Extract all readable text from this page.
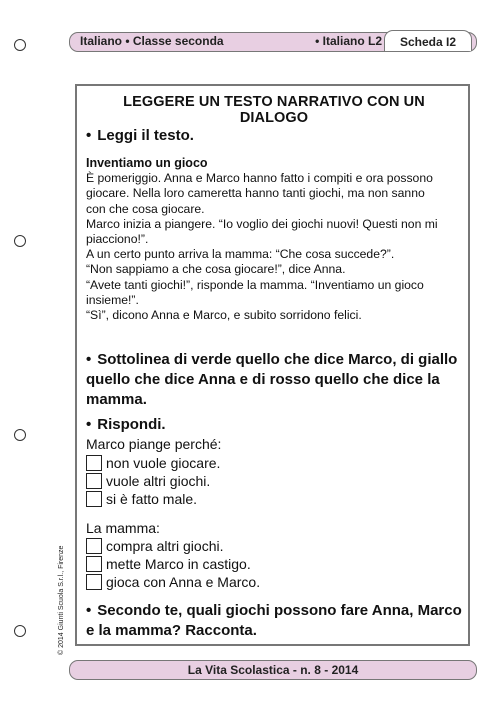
Italiano • Classe seconda	• Italiano L2	Scheda I2
LEGGERE UN TESTO NARRATIVO CON UN DIALOGO
• Leggi il testo.
Inventiamo un gioco
È pomeriggio. Anna e Marco hanno fatto i compiti e ora possono
giocare. Nella loro cameretta hanno tanti giochi, ma non sanno
con che cosa giocare.
Marco inizia a piangere. “Io voglio dei giochi nuovi! Questi non mi
piacciono!”.
A un certo punto arriva la mamma: “Che cosa succede?”.
“Non sappiamo a che cosa giocare!”, dice Anna.
“Avete tanti giochi!”, risponde la mamma. “Inventiamo un gioco
insieme!”.
“Sì”, dicono Anna e Marco, e subito sorridono felici.
• Sottolinea di verde quello che dice Marco, di giallo
quello che dice Anna e di rosso quello che dice la
mamma.
• Rispondi.
Marco piange perché:
non vuole giocare.
vuole altri giochi.
si è fatto male.
La mamma:
compra altri giochi.
mette Marco in castigo.
gioca con Anna e Marco.
• Secondo te, quali giochi possono fare Anna, Marco
e la mamma? Racconta.
© 2014 Giunti Scuola S.r.l., Firenze
La Vita Scolastica - n. 8 - 2014
